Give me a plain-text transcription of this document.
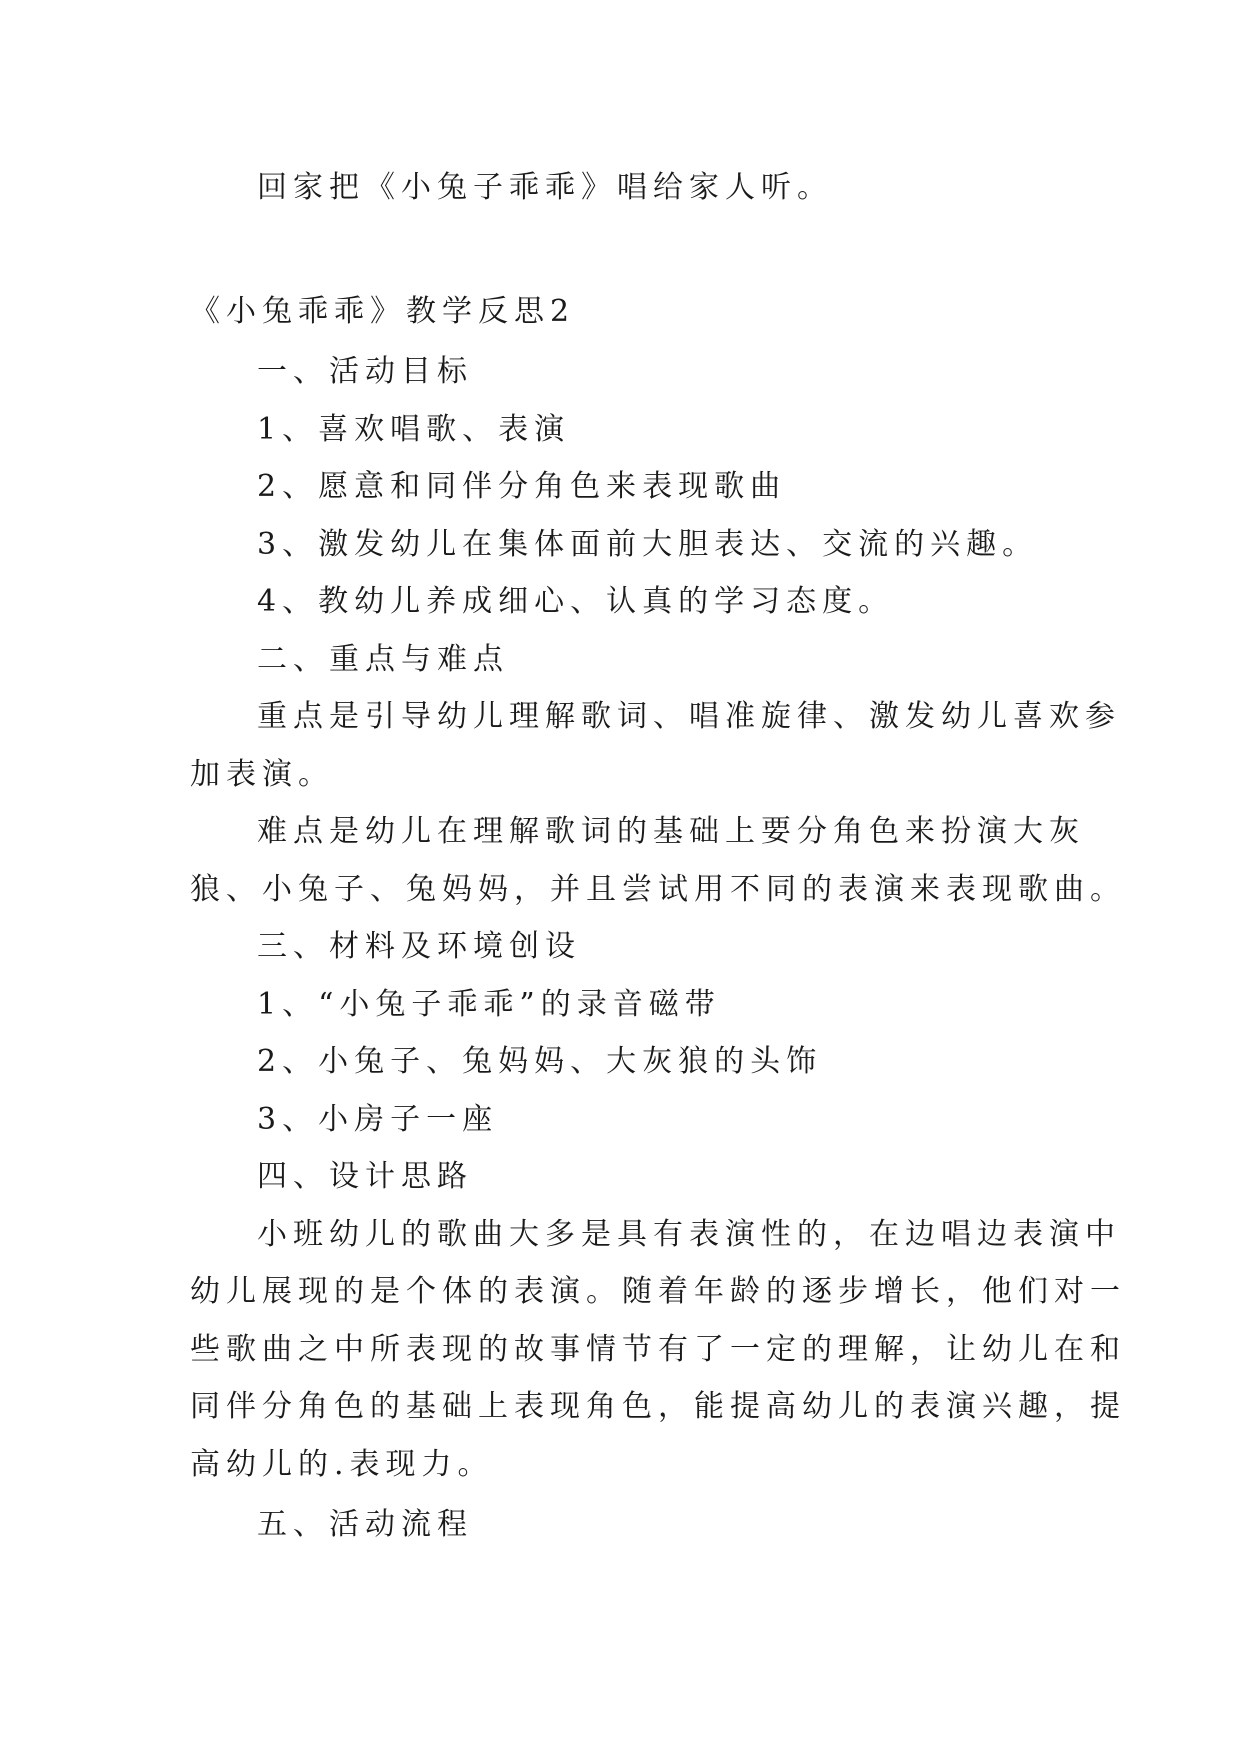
回家把《小兔子乖乖》唱给家人听。
《小兔乖乖》教学反思2
一、活动目标
1、喜欢唱歌、表演
2、愿意和同伴分角色来表现歌曲
3、激发幼儿在集体面前大胆表达、交流的兴趣。
4、教幼儿养成细心、认真的学习态度。
二、重点与难点
重点是引导幼儿理解歌词、唱准旋律、激发幼儿喜欢参
加表演。
难点是幼儿在理解歌词的基础上要分角色来扮演大灰
狼、小兔子、兔妈妈，并且尝试用不同的表演来表现歌曲。
三、材料及环境创设
1、“小兔子乖乖”的录音磁带
2、小兔子、兔妈妈、大灰狼的头饰
3、小房子一座
四、设计思路
小班幼儿的歌曲大多是具有表演性的，在边唱边表演中
幼儿展现的是个体的表演。随着年龄的逐步增长，他们对一
些歌曲之中所表现的故事情节有了一定的理解，让幼儿在和
同伴分角色的基础上表现角色，能提高幼儿的表演兴趣，提
高幼儿的.表现力。
五、活动流程
